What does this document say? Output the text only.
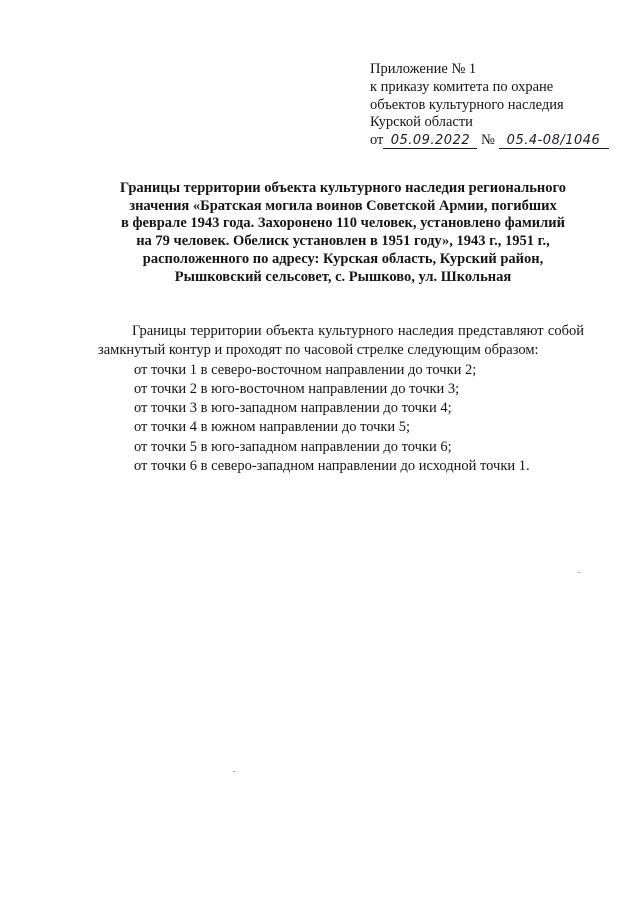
Приложение № 1
к приказу комитета по охране
объектов культурного наследия
Курской области
от 05.09.2022 № 05.4-08/1046
Границы территории объекта культурного наследия регионального
значения «Братская могила воинов Советской Армии, погибших
в феврале 1943 года. Захоронено 110 человек, установлено фамилий
на 79 человек. Обелиск установлен в 1951 году», 1943 г., 1951 г.,
расположенного по адресу: Курская область, Курский район,
Рышковский сельсовет, с. Рышково, ул. Школьная

Границы территории объекта культурного наследия представляют собой замкнутый контур и проходят по часовой стрелке следующим образом:

от точки 1 в северо-восточном направлении до точки 2;
от точки 2 в юго-восточном направлении до точки 3;
от точки 3 в юго-западном направлении до точки 4;
от точки 4 в южном направлении до точки 5;
от точки 5 в юго-западном направлении до точки 6;
от точки 6 в северо-западном направлении до исходной точки 1.
